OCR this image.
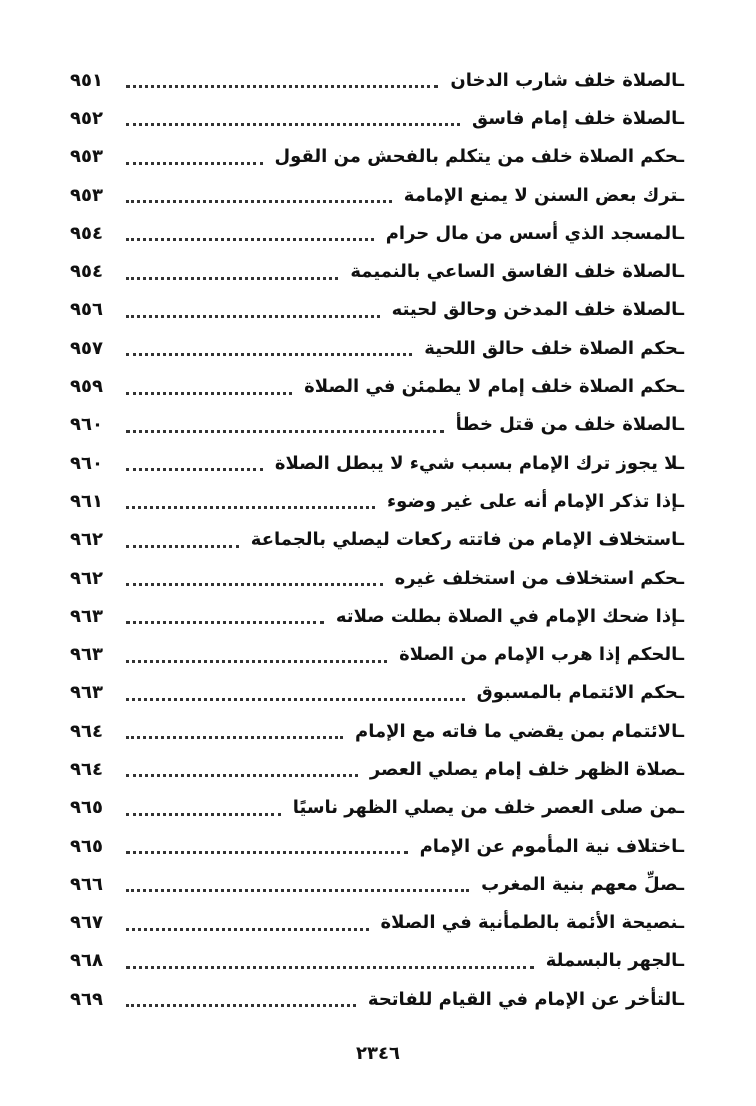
ـالصلاة خلف شارب الدخان
٩٥١
ـالصلاة خلف إمام فاسق
٩٥٢
ـحكم الصلاة خلف من يتكلم بالفحش من القول
٩٥٣
ـترك بعض السنن لا يمنع الإمامة
٩٥٣
ـالمسجد الذي أسس من مال حرام
٩٥٤
ـالصلاة خلف الفاسق الساعي بالنميمة
٩٥٤
ـالصلاة خلف المدخن وحالق لحيته
٩٥٦
ـحكم الصلاة خلف حالق اللحية
٩٥٧
ـحكم الصلاة خلف إمام لا يطمئن في الصلاة
٩٥٩
ـالصلاة خلف من قتل خطأ
٩٦٠
ـلا يجوز ترك الإمام بسبب شيء لا يبطل الصلاة
٩٦٠
ـإذا تذكر الإمام أنه على غير وضوء
٩٦١
ـاستخلاف الإمام من فاتته ركعات ليصلي بالجماعة
٩٦٢
ـحكم استخلاف من استخلف غيره
٩٦٢
ـإذا ضحك الإمام في الصلاة بطلت صلاته
٩٦٣
ـالحكم إذا هرب الإمام من الصلاة
٩٦٣
ـحكم الائتمام بالمسبوق
٩٦٣
ـالائتمام بمن يقضي ما فاته مع الإمام
٩٦٤
ـصلاة الظهر خلف إمام يصلي العصر
٩٦٤
ـمن صلى العصر خلف من يصلي الظهر ناسيًا
٩٦٥
ـاختلاف نية المأموم عن الإمام
٩٦٥
ـصلِّ معهم بنية المغرب
٩٦٦
ـنصيحة الأئمة بالطمأنية في الصلاة
٩٦٧
ـالجهر بالبسملة
٩٦٨
ـالتأخر عن الإمام في القيام للفاتحة
٩٦٩
٢٣٤٦
